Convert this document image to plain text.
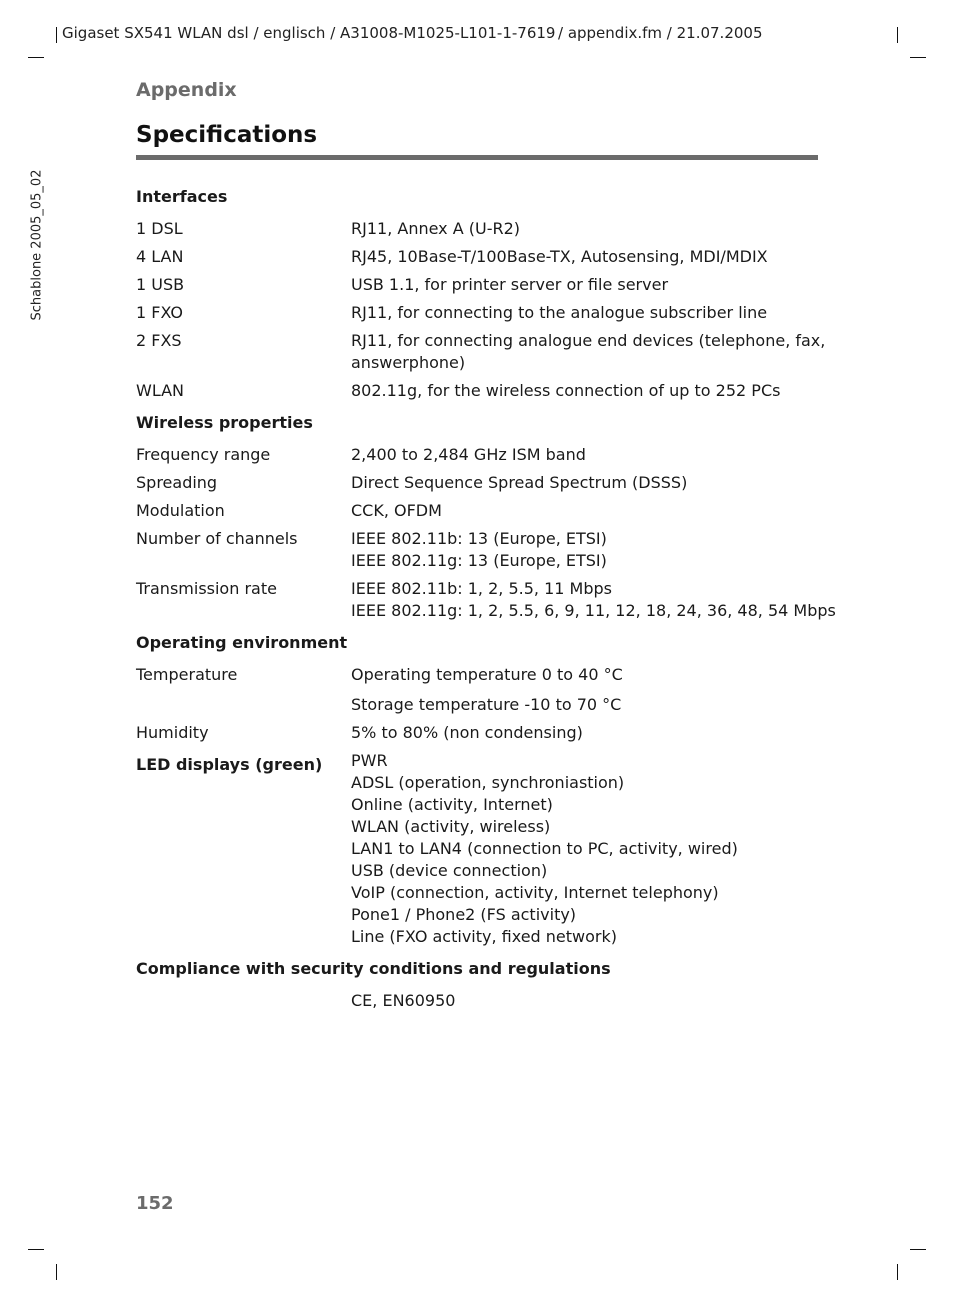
Gigaset SX541 WLAN dsl / englisch / A31008-M1025-L101-1-7619 / appendix.fm / 21.07.2005
Schablone 2005_05_02
Appendix
Specifications
Interfaces
1 DSL	RJ11, Annex A (U-R2)
4 LAN	RJ45, 10Base-T/100Base-TX, Autosensing, MDI/MDIX
1 USB	USB 1.1, for printer server or file server
1 FXO	RJ11, for connecting to the analogue subscriber line
2 FXS	RJ11, for connecting analogue end devices (telephone, fax, answerphone)
WLAN	802.11g, for the wireless connection of up to 252 PCs
Wireless properties
Frequency range	2,400 to 2,484 GHz ISM band
Spreading	Direct Sequence Spread Spectrum (DSSS)
Modulation	CCK, OFDM
Number of channels	IEEE 802.11b: 13 (Europe, ETSI)
IEEE 802.11g: 13 (Europe, ETSI)
Transmission rate	IEEE 802.11b: 1, 2, 5.5, 11 Mbps
IEEE 802.11g: 1, 2, 5.5, 6, 9, 11, 12, 18, 24, 36, 48, 54 Mbps
Operating environment
Temperature	Operating temperature 0 to 40 °C
Storage temperature -10 to 70 °C
Humidity	5% to 80% (non condensing)
LED displays (green)	PWR
ADSL (operation, synchroniastion)
Online (activity, Internet)
WLAN (activity, wireless)
LAN1 to LAN4 (connection to PC, activity, wired)
USB (device connection)
VoIP (connection, activity, Internet telephony)
Pone1 / Phone2 (FS activity)
Line (FXO activity, fixed network)
Compliance with security conditions and regulations
CE, EN60950
152
